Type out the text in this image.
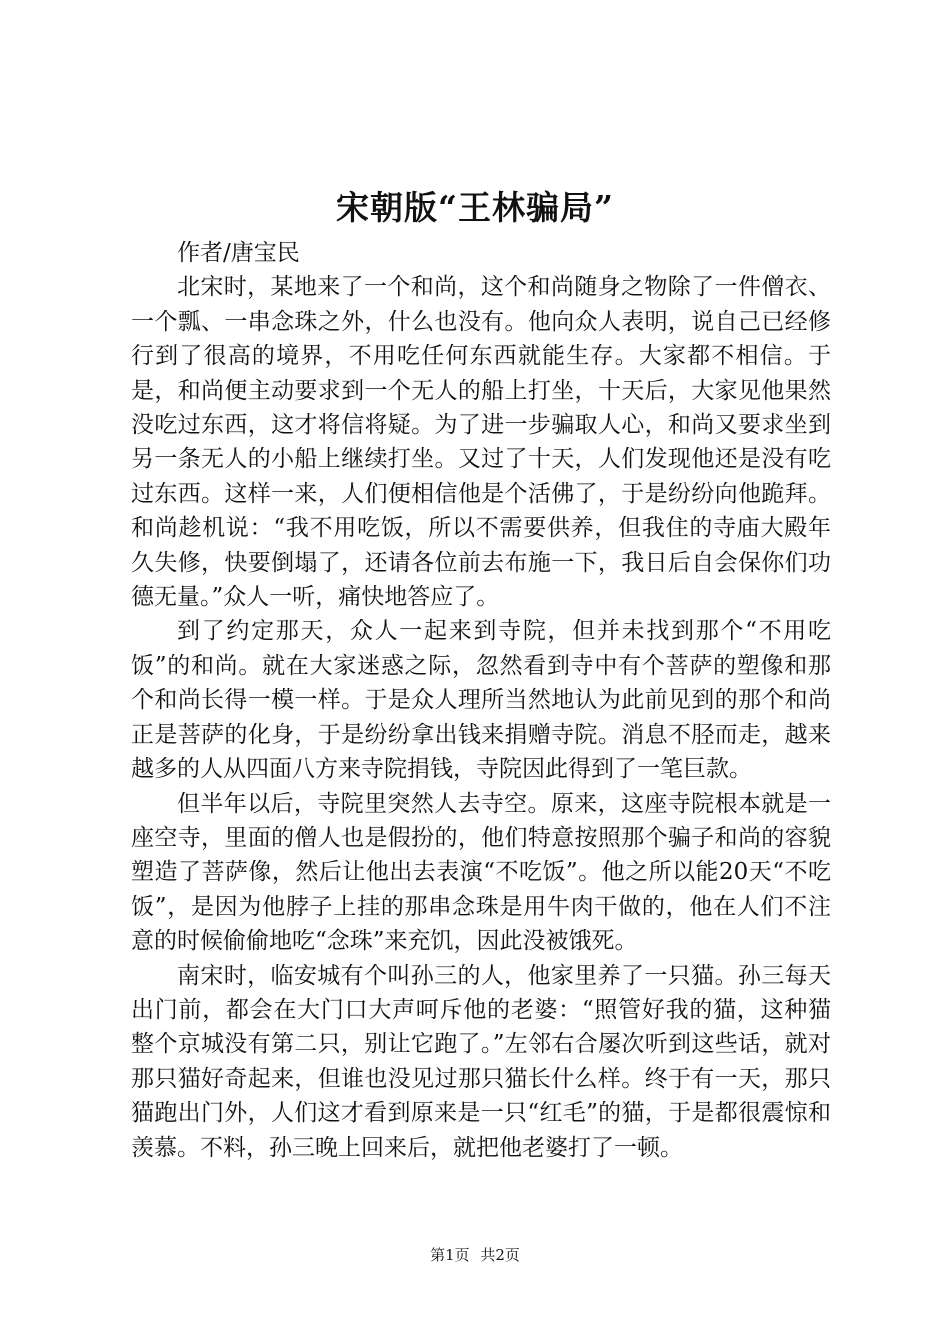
宋朝版“王林骗局”

作者/唐宝民

北宋时，某地来了一个和尚，这个和尚随身之物除了一件僧衣、一个瓢、一串念珠之外，什么也没有。他向众人表明，说自己已经修行到了很高的境界，不用吃任何东西就能生存。大家都不相信。于是，和尚便主动要求到一个无人的船上打坐，十天后，大家见他果然没吃过东西，这才将信将疑。为了进一步骗取人心，和尚又要求坐到另一条无人的小船上继续打坐。又过了十天，人们发现他还是没有吃过东西。这样一来，人们便相信他是个活佛了，于是纷纷向他跪拜。和尚趁机说：“我不用吃饭，所以不需要供养，但我住的寺庙大殿年久失修，快要倒塌了，还请各位前去布施一下，我日后自会保你们功德无量。”众人一听，痛快地答应了。

到了约定那天，众人一起来到寺院，但并未找到那个“不用吃饭”的和尚。就在大家迷惑之际，忽然看到寺中有个菩萨的塑像和那个和尚长得一模一样。于是众人理所当然地认为此前见到的那个和尚正是菩萨的化身，于是纷纷拿出钱来捐赠寺院。消息不胫而走，越来越多的人从四面八方来寺院捐钱，寺院因此得到了一笔巨款。

但半年以后，寺院里突然人去寺空。原来，这座寺院根本就是一座空寺，里面的僧人也是假扮的，他们特意按照那个骗子和尚的容貌塑造了菩萨像，然后让他出去表演“不吃饭”。他之所以能20天“不吃饭”，是因为他脖子上挂的那串念珠是用牛肉干做的，他在人们不注意的时候偷偷地吃“念珠”来充饥，因此没被饿死。

南宋时，临安城有个叫孙三的人，他家里养了一只猫。孙三每天出门前，都会在大门口大声呵斥他的老婆：“照管好我的猫，这种猫整个京城没有第二只，别让它跑了。”左邻右合屡次听到这些话，就对那只猫好奇起来，但谁也没见过那只猫长什么样。终于有一天，那只猫跑出门外，人们这才看到原来是一只“红毛”的猫，于是都很震惊和羡慕。不料，孙三晚上回来后，就把他老婆打了一顿。

第1页 共2页
